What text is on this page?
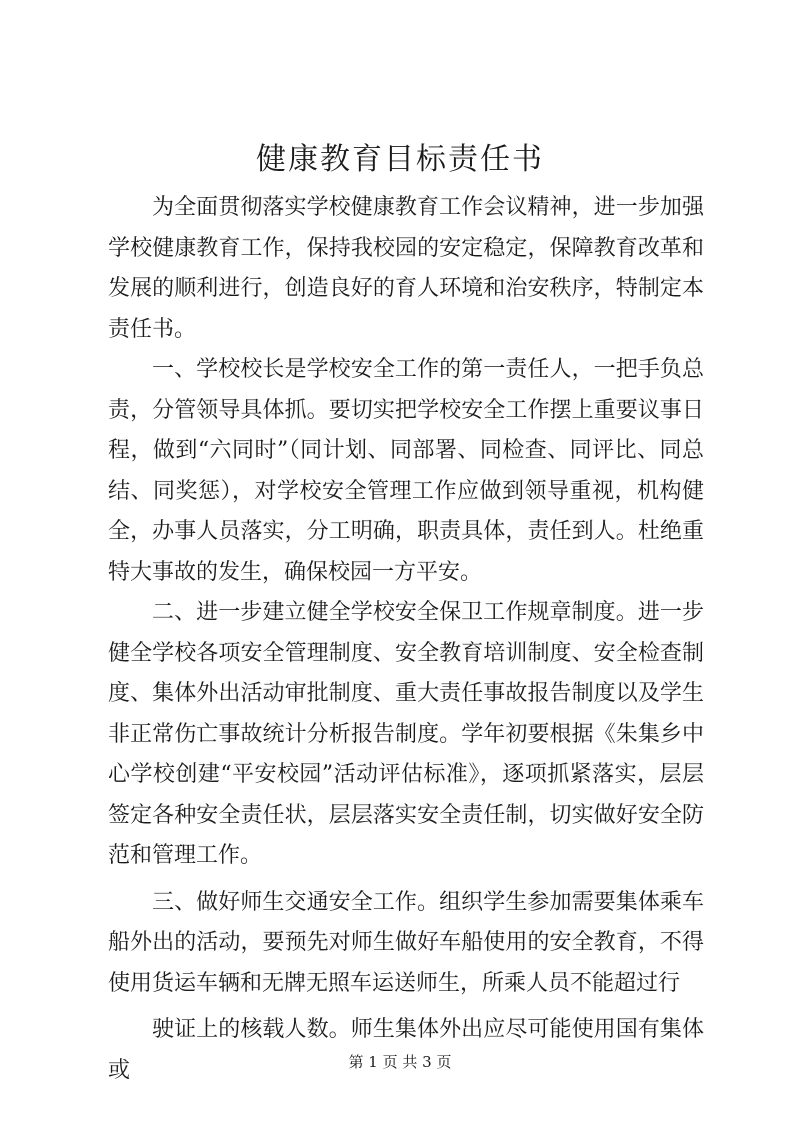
健康教育目标责任书

为全面贯彻落实学校健康教育工作会议精神，进一步加强学校健康教育工作，保持我校园的安定稳定，保障教育改革和发展的顺利进行，创造良好的育人环境和治安秩序，特制定本责任书。

一、学校校长是学校安全工作的第一责任人，一把手负总责，分管领导具体抓。要切实把学校安全工作摆上重要议事日程，做到“六同时”（同计划、同部署、同检查、同评比、同总结、同奖惩），对学校安全管理工作应做到领导重视，机构健全，办事人员落实，分工明确，职责具体，责任到人。杜绝重特大事故的发生，确保校园一方平安。

二、进一步建立健全学校安全保卫工作规章制度。进一步健全学校各项安全管理制度、安全教育培训制度、安全检查制度、集体外出活动审批制度、重大责任事故报告制度以及学生非正常伤亡事故统计分析报告制度。学年初要根据《朱集乡中心学校创建“平安校园”活动评估标准》，逐项抓紧落实，层层签定各种安全责任状，层层落实安全责任制，切实做好安全防范和管理工作。

三、做好师生交通安全工作。组织学生参加需要集体乘车船外出的活动，要预先对师生做好车船使用的安全教育，不得使用货运车辆和无牌无照车运送师生，所乘人员不能超过行

驶证上的核载人数。师生集体外出应尽可能使用国有集体或	第 1 页 共 3 页
